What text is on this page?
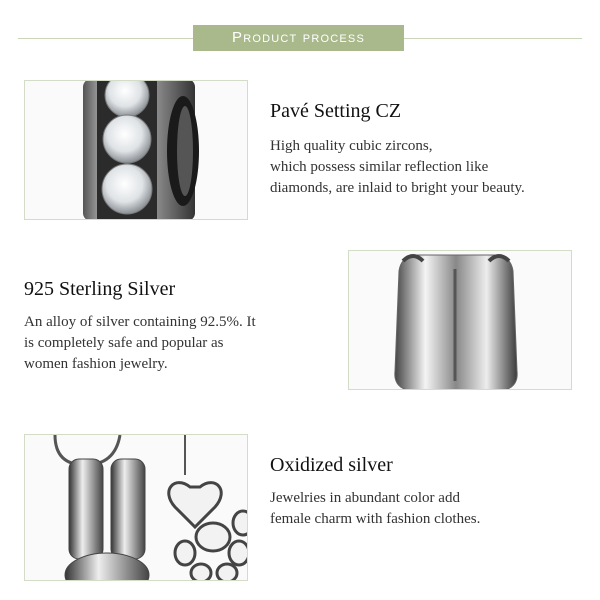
Product process
Pavé Setting CZ
High quality cubic zircons,
which possess similar reflection like
diamonds, are inlaid to bright your beauty.
925 Sterling Silver
An alloy of silver containing 92.5%. It
is completely safe and popular as
women fashion jewelry.
Oxidized silver
Jewelries in abundant color add
female charm with fashion clothes.
